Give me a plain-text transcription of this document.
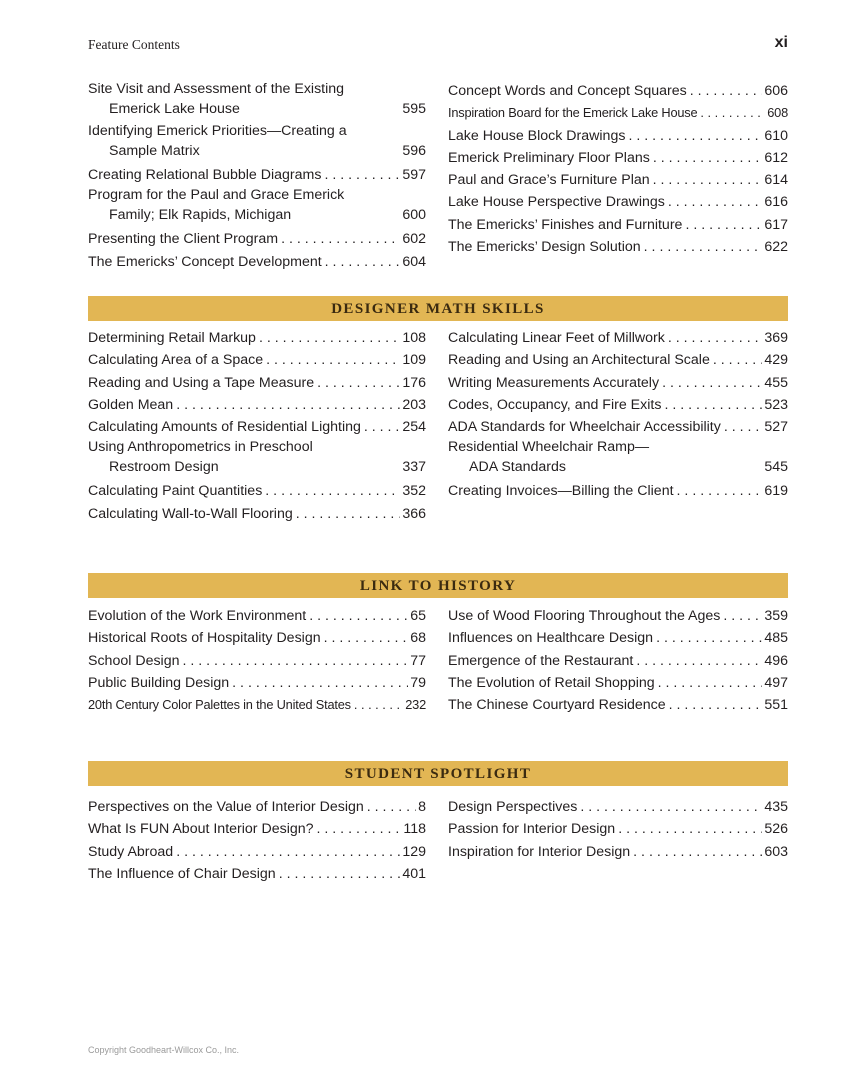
Feature Contents	xi
Site Visit and Assessment of the Existing
Emerick Lake House	595
Identifying Emerick Priorities—Creating a
Sample Matrix	596
Creating Relational Bubble Diagrams . . .	597
Program for the Paul and Grace Emerick
Family; Elk Rapids, Michigan	600
Presenting the Client Program . . .	602
The Emericks’ Concept Development . . .	604
Concept Words and Concept Squares . . .	606
Inspiration Board for the Emerick Lake House . . .	608
Lake House Block Drawings . . .	610
Emerick Preliminary Floor Plans . . .	612
Paul and Grace’s Furniture Plan . . .	614
Lake House Perspective Drawings . . .	616
The Emericks’ Finishes and Furniture . . .	617
The Emericks’ Design Solution . . .	622
DESIGNER MATH SKILLS
Determining Retail Markup . . .	108
Calculating Area of a Space . . .	109
Reading and Using a Tape Measure . . .	176
Golden Mean . . .	203
Calculating Amounts of Residential Lighting . . .	254
Using Anthropometrics in Preschool
Restroom Design	337
Calculating Paint Quantities . . .	352
Calculating Wall-to-Wall Flooring . . .	366
Calculating Linear Feet of Millwork . . .	369
Reading and Using an Architectural Scale . . .	429
Writing Measurements Accurately . . .	455
Codes, Occupancy, and Fire Exits . . .	523
ADA Standards for Wheelchair Accessibility . . .	527
Residential Wheelchair Ramp—
ADA Standards	545
Creating Invoices—Billing the Client . . .	619
LINK TO HISTORY
Evolution of the Work Environment . . .	65
Historical Roots of Hospitality Design . . .	68
School Design . . .	77
Public Building Design . . .	79
20th Century Color Palettes in the United States . . .	232
Use of Wood Flooring Throughout the Ages . . .	359
Influences on Healthcare Design . . .	485
Emergence of the Restaurant . . .	496
The Evolution of Retail Shopping . . .	497
The Chinese Courtyard Residence . . .	551
STUDENT SPOTLIGHT
Perspectives on the Value of Interior Design . . .	8
What Is FUN About Interior Design? . . .	118
Study Abroad . . .	129
The Influence of Chair Design . . .	401
Design Perspectives . . .	435
Passion for Interior Design . . .	526
Inspiration for Interior Design . . .	603
Copyright Goodheart-Willcox Co., Inc.
